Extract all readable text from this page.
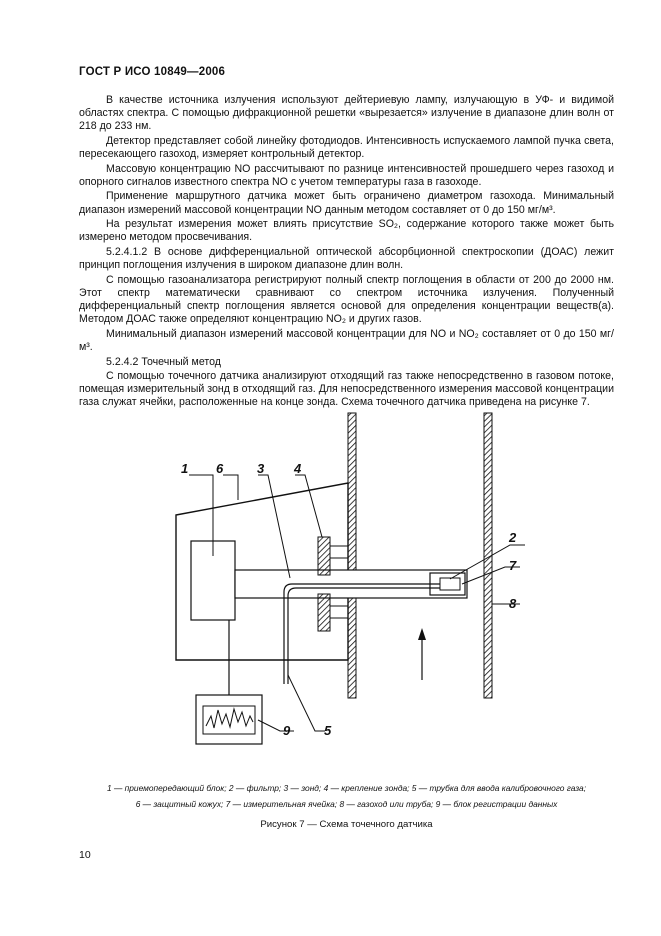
ГОСТ Р ИСО 10849—2006

В качестве источника излучения используют дейтериевую лампу, излучающую в УФ- и видимой областях спектра. С помощью дифракционной решетки «вырезается» излучение в диапазоне длин волн от 218 до 233 нм.

Детектор представляет собой линейку фотодиодов. Интенсивность испускаемого лампой пучка света, пересекающего газоход, измеряет контрольный детектор.

Массовую концентрацию NO рассчитывают по разнице интенсивностей прошедшего через газоход и опорного сигналов известного спектра NO с учетом температуры газа в газоходе.

Применение маршрутного датчика может быть ограничено диаметром газохода. Минимальный диапазон измерений массовой концентрации NO данным методом составляет от 0 до 150 мг/м³.

На результат измерения может влиять присутствие SO₂, содержание которого также может быть измерено методом просвечивания.

5.2.4.1.2 В основе дифференциальной оптической абсорбционной спектроскопии (ДОАС) лежит принцип поглощения излучения в широком диапазоне длин волн.

С помощью газоанализатора регистрируют полный спектр поглощения в области от 200 до 2000 нм. Этот спектр математически сравнивают со спектром источника излучения. Полученный дифференциальный спектр поглощения является основой для определения концентрации веществ(а). Методом ДОАС также определяют концентрацию NO₂ и других газов.

Минимальный диапазон измерений массовой концентрации для NO и NO₂ составляет от 0 до 150 мг/м³.

5.2.4.2 Точечный метод

С помощью точечного датчика анализируют отходящий газ также непосредственно в газовом потоке, помещая измерительный зонд в отходящий газ. Для непосредственного измерения массовой концентрации газа служат ячейки, расположенные на конце зонда. Схема точечного датчика приведена на рисунке 7.

1 6	3 4
2
7
8
5
9
1 — приемопередающий блок; 2 — фильтр; 3 — зонд; 4 — крепление зонда; 5 — трубка для ввода калибровочного газа;
6 — защитный кожух; 7 — измерительная ячейка; 8 — газоход или труба; 9 — блок регистрации данных
Рисунок 7 — Схема точечного датчика
10
